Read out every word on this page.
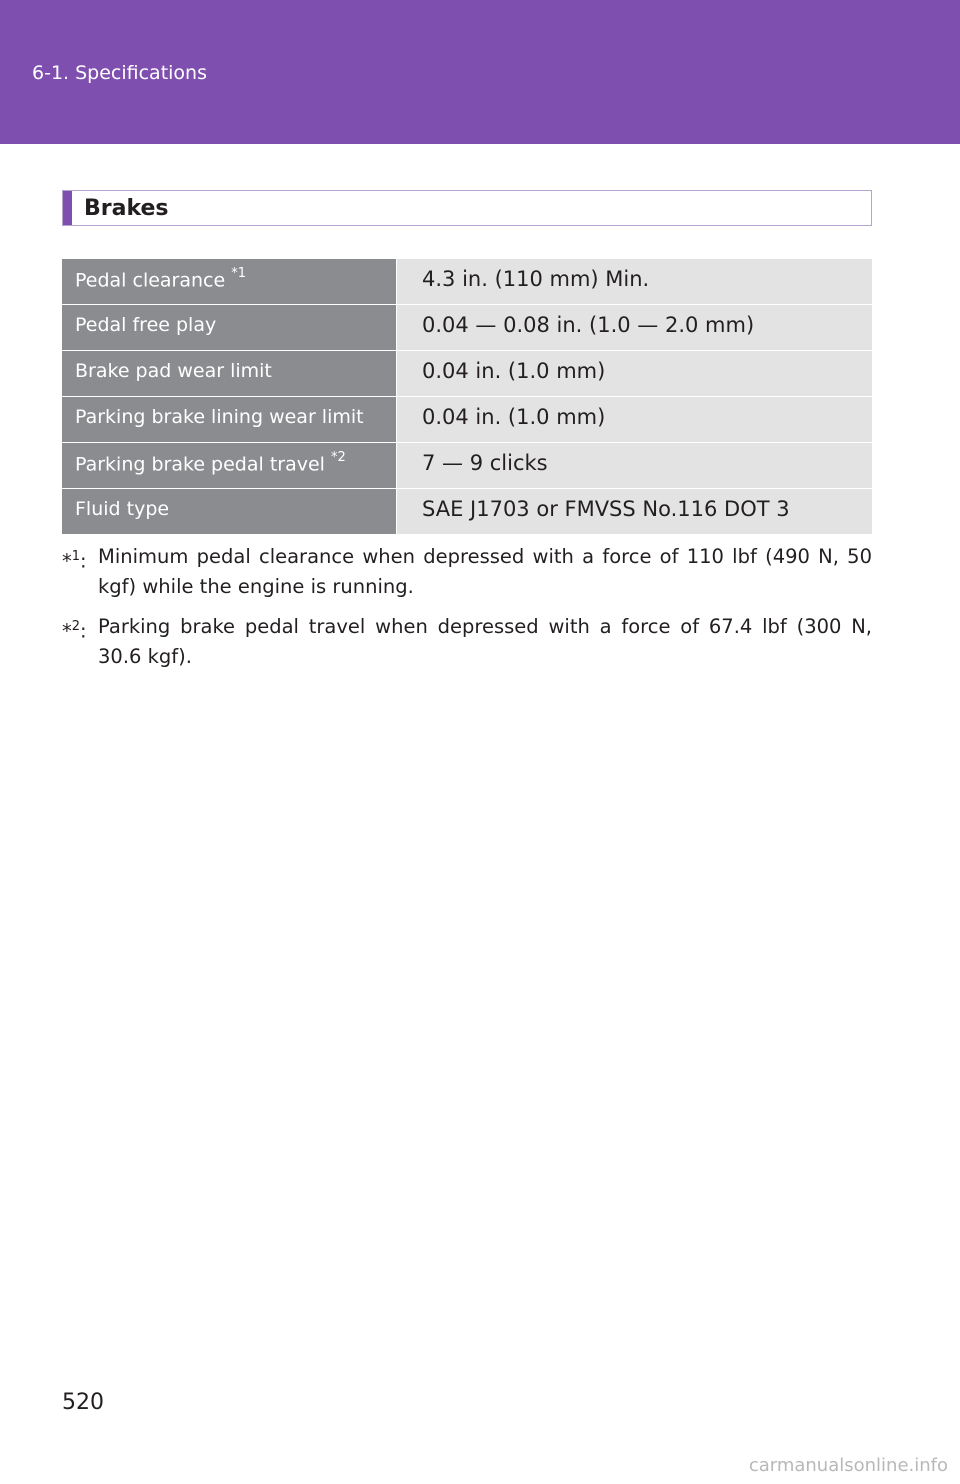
6-1. Specifications
Brakes
Pedal clearance $^{*1}$	4.3 in. (110 mm) Min.
Pedal free play	0.04 — 0.08 in. (1.0 — 2.0 mm)
Brake pad wear limit	0.04 in. (1.0 mm)
Parking brake lining wear limit	0.04 in. (1.0 mm)
Parking brake pedal travel $^{*2}$	7 — 9 clicks
Fluid type	SAE J1703 or FMVSS No.116 DOT 3
*$^1$: Minimum pedal clearance when depressed with a force of 110 lbf (490 N, 50 kgf) while the engine is running.
*$^2$: Parking brake pedal travel when depressed with a force of 67.4 lbf (300 N, 30.6 kgf).
520
carmanualsonline.info
